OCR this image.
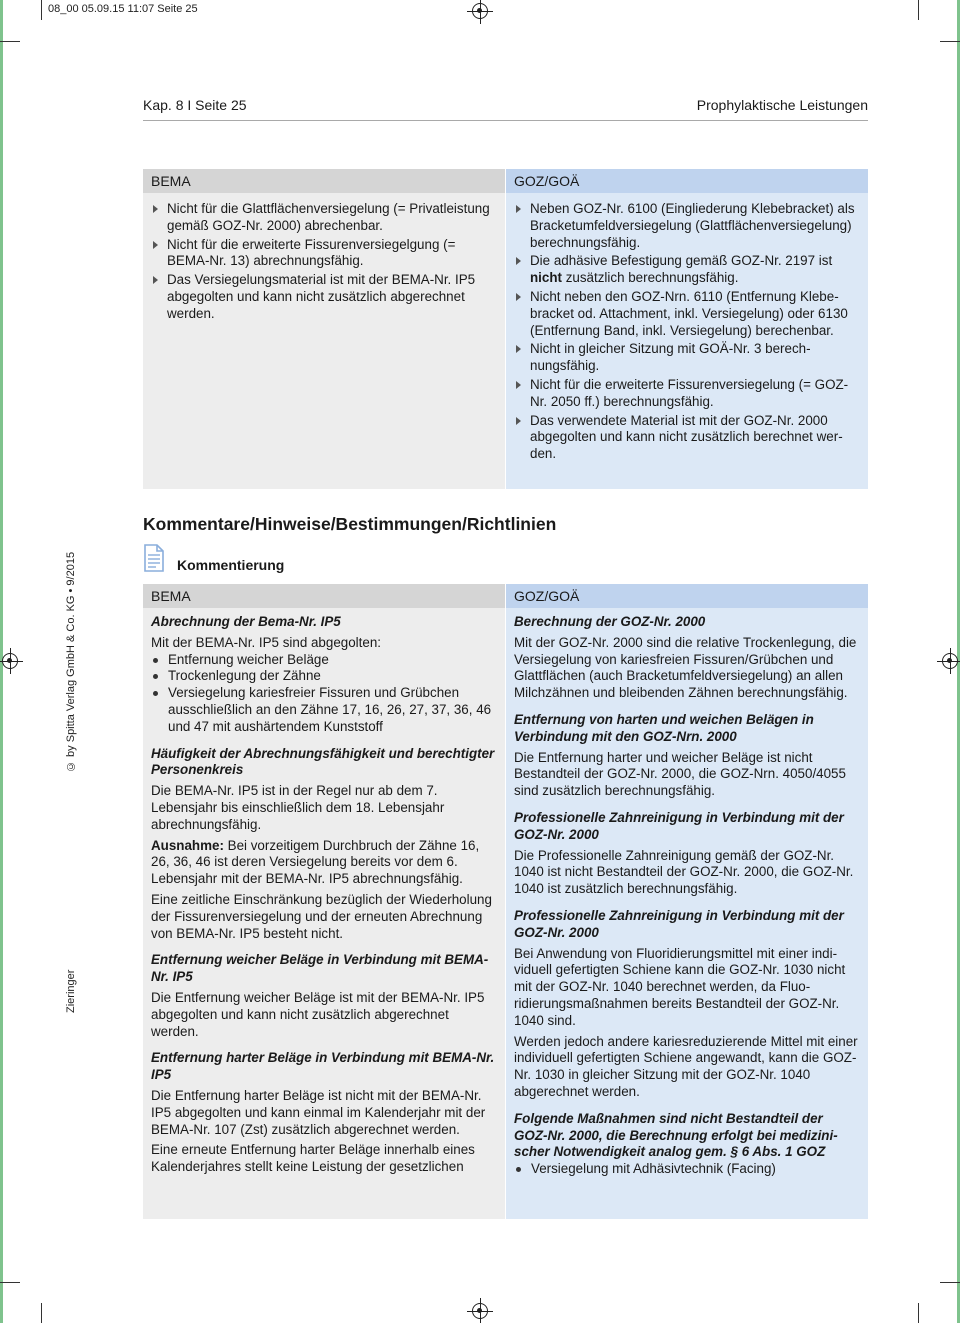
08_00 05.09.15 11:07 Seite 25
© by Spitta Verlag GmbH & Co. KG • 9/2015
Zieringer
Kap. 8 I Seite 25	Prophylaktische Leistungen
BEMA
Nicht für die Glattflächenversiegelung (= Privatleistung gemäß GOZ-Nr. 2000) abrechenbar.
Nicht für die erweiterte Fissurenversiegelgung (= BEMA-Nr. 13) abrechnungsfähig.
Das Versiegelungsmaterial ist mit der BEMA-Nr. IP5 abgegolten und kann nicht zusätzlich abgerechnet werden.
GOZ/GOÄ
Neben GOZ-Nr. 6100 (Eingliederung Klebebracket) als Bracketumfeldversiegelung (Glattflächenversiegelung) berechnungsfähig.
Die adhäsive Befestigung gemäß GOZ-Nr. 2197 ist nicht zusätzlich berechnungsfähig.
Nicht neben den GOZ-Nrn. 6110 (Entfernung Klebebracket od. Attachment, inkl. Versiegelung) oder 6130 (Entfernung Band, inkl. Versiegelung) berechenbar.
Nicht in gleicher Sitzung mit GOÄ-Nr. 3 berechnungsfähig.
Nicht für die erweiterte Fissurenversiegelung (= GOZ-Nr. 2050 ff.) berechnungsfähig.
Das verwendete Material ist mit der GOZ-Nr. 2000 abgegolten und kann nicht zusätzlich berechnet werden.
Kommentare/Hinweise/Bestimmungen/Richtlinien
Kommentierung
BEMA
Abrechnung der Bema-Nr. IP5

Mit der BEMA-Nr. IP5 sind abgegolten:

Entfernung weicher Beläge
Trockenlegung der Zähne
Versiegelung kariesfreier Fissuren und Grübchen ausschließlich an den Zähne 17, 16, 26, 27, 37, 36, 46 und 47 mit aushärtendem Kunststoff
Häufigkeit der Abrechnungsfähigkeit und berechtigter Personenkreis

Die BEMA-Nr. IP5 ist in der Regel nur ab dem 7. Lebensjahr bis einschließlich dem 18. Lebensjahr abrechnungsfähig.

Ausnahme: Bei vorzeitigem Durchbruch der Zähne 16, 26, 36, 46 ist deren Versiegelung bereits vor dem 6. Lebensjahr mit der BEMA-Nr. IP5 abrechnungsfähig.

Eine zeitliche Einschränkung bezüglich der Wiederholung der Fissurenversiegelung und der erneuten Abrechnung von BEMA-Nr. IP5 besteht nicht.

Entfernung weicher Beläge in Verbindung mit BEMA-Nr. IP5

Die Entfernung weicher Beläge ist mit der BEMA-Nr. IP5 abgegolten und kann nicht zusätzlich abgerechnet werden.

Entfernung harter Beläge in Verbindung mit BEMA-Nr. IP5

Die Entfernung harter Beläge ist nicht mit der BEMA-Nr. IP5 abgegolten und kann einmal im Kalenderjahr mit der BEMA-Nr. 107 (Zst) zusätzlich abgerechnet werden.

Eine erneute Entfernung harter Beläge innerhalb eines Kalenderjahres stellt keine Leistung der gesetzlichen

GOZ/GOÄ
Berechnung der GOZ-Nr. 2000

Mit der GOZ-Nr. 2000 sind die relative Trockenlegung, die Versiegelung von kariesfreien Fissuren/Grübchen und Glattflächen (auch Bracketumfeldversiegelung) an allen Milchzähnen und bleibenden Zähnen berechnungsfähig.

Entfernung von harten und weichen Belägen in Verbindung mit den GOZ-Nrn. 2000

Die Entfernung harter und weicher Beläge ist nicht Bestandteil der GOZ-Nr. 2000, die GOZ-Nrn. 4050/4055 sind zusätzlich berechnungsfähig.

Professionelle Zahnreinigung in Verbindung mit der GOZ-Nr. 2000

Die Professionelle Zahnreinigung gemäß der GOZ-Nr. 1040 ist nicht Bestandteil der GOZ-Nr. 2000, die GOZ-Nr. 1040 ist zusätzlich berechnungsfähig.

Professionelle Zahnreinigung in Verbindung mit der GOZ-Nr. 2000

Bei Anwendung von Fluoridierungsmittel mit einer individuell gefertigten Schiene kann die GOZ-Nr. 1030 nicht mit der GOZ-Nr. 1040 berechnet werden, da Fluoridierungsmaßnahmen bereits Bestandteil der GOZ-Nr. 1040 sind.

Werden jedoch andere kariesreduzierende Mittel mit einer individuell gefertigten Schiene angewandt, kann die GOZ-Nr. 1030 in gleicher Sitzung mit der GOZ-Nr. 1040 abgerechnet werden.

Folgende Maßnahmen sind nicht Bestandteil der GOZ-Nr. 2000, die Berechnung erfolgt bei medizinischer Notwendigkeit analog gem. § 6 Abs. 1 GOZ
Versiegelung mit Adhäsivtechnik (Facing)
